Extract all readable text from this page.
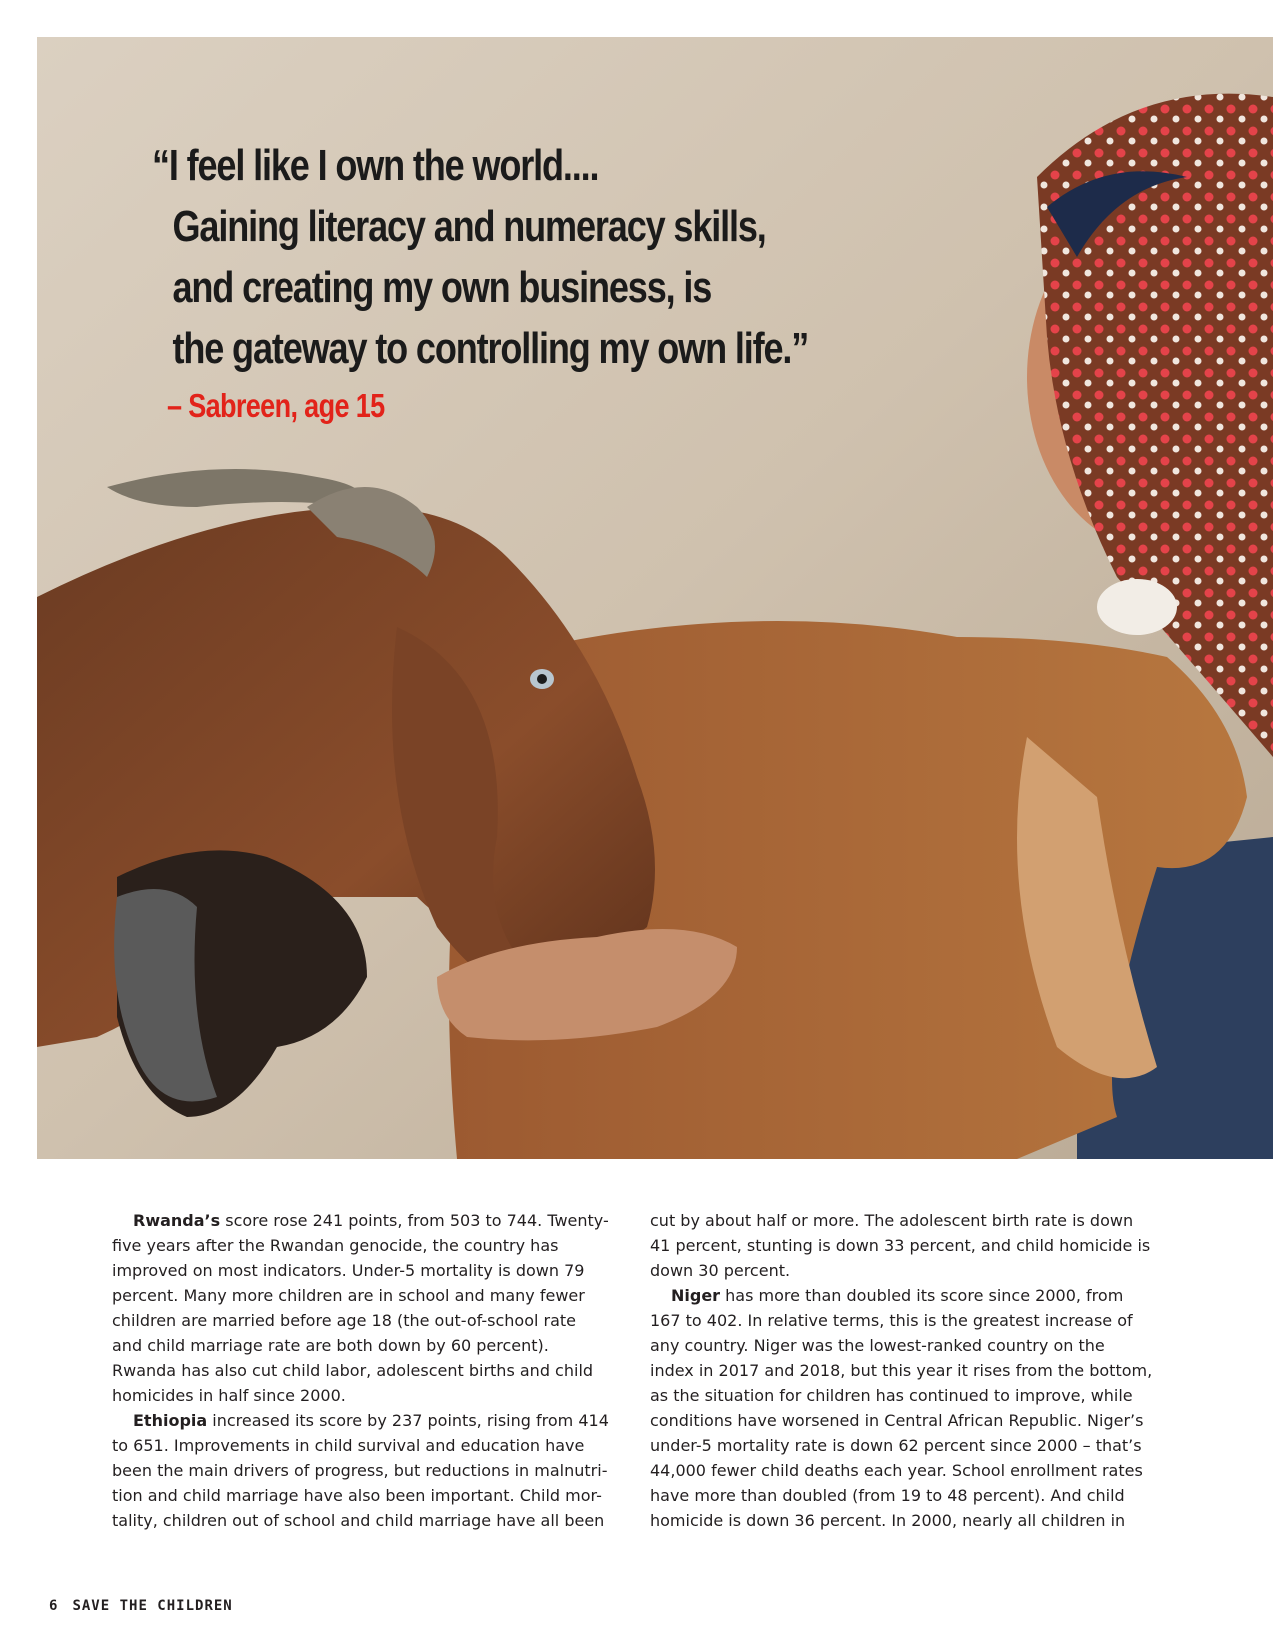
“I feel like I own the world....
Gaining literacy and numeracy skills,
and creating my own business, is
the gateway to controlling my own life.”
– Sabreen, age 15

Rwanda’s score rose 241 points, from 503 to 744. Twenty-
five years after the Rwandan genocide, the country has
improved on most indicators. Under-5 mortality is down 79
percent. Many more children are in school and many fewer
children are married before age 18 (the out-of-school rate
and child marriage rate are both down by 60 percent).
Rwanda has also cut child labor, adolescent births and child
homicides in half since 2000.

Ethiopia increased its score by 237 points, rising from 414
to 651. Improvements in child survival and education have
been the main drivers of progress, but reductions in malnutri-
tion and child marriage have also been important. Child mor-
tality, children out of school and child marriage have all been

cut by about half or more. The adolescent birth rate is down
41 percent, stunting is down 33 percent, and child homicide is
down 30 percent.

Niger has more than doubled its score since 2000, from
167 to 402. In relative terms, this is the greatest increase of
any country. Niger was the lowest-ranked country on the
index in 2017 and 2018, but this year it rises from the bottom,
as the situation for children has continued to improve, while
conditions have worsened in Central African Republic. Niger’s
under-5 mortality rate is down 62 percent since 2000 – that’s
44,000 fewer child deaths each year. School enrollment rates
have more than doubled (from 19 to 48 percent). And child
homicide is down 36 percent. In 2000, nearly all children in

6 SAVE THE CHILDREN
